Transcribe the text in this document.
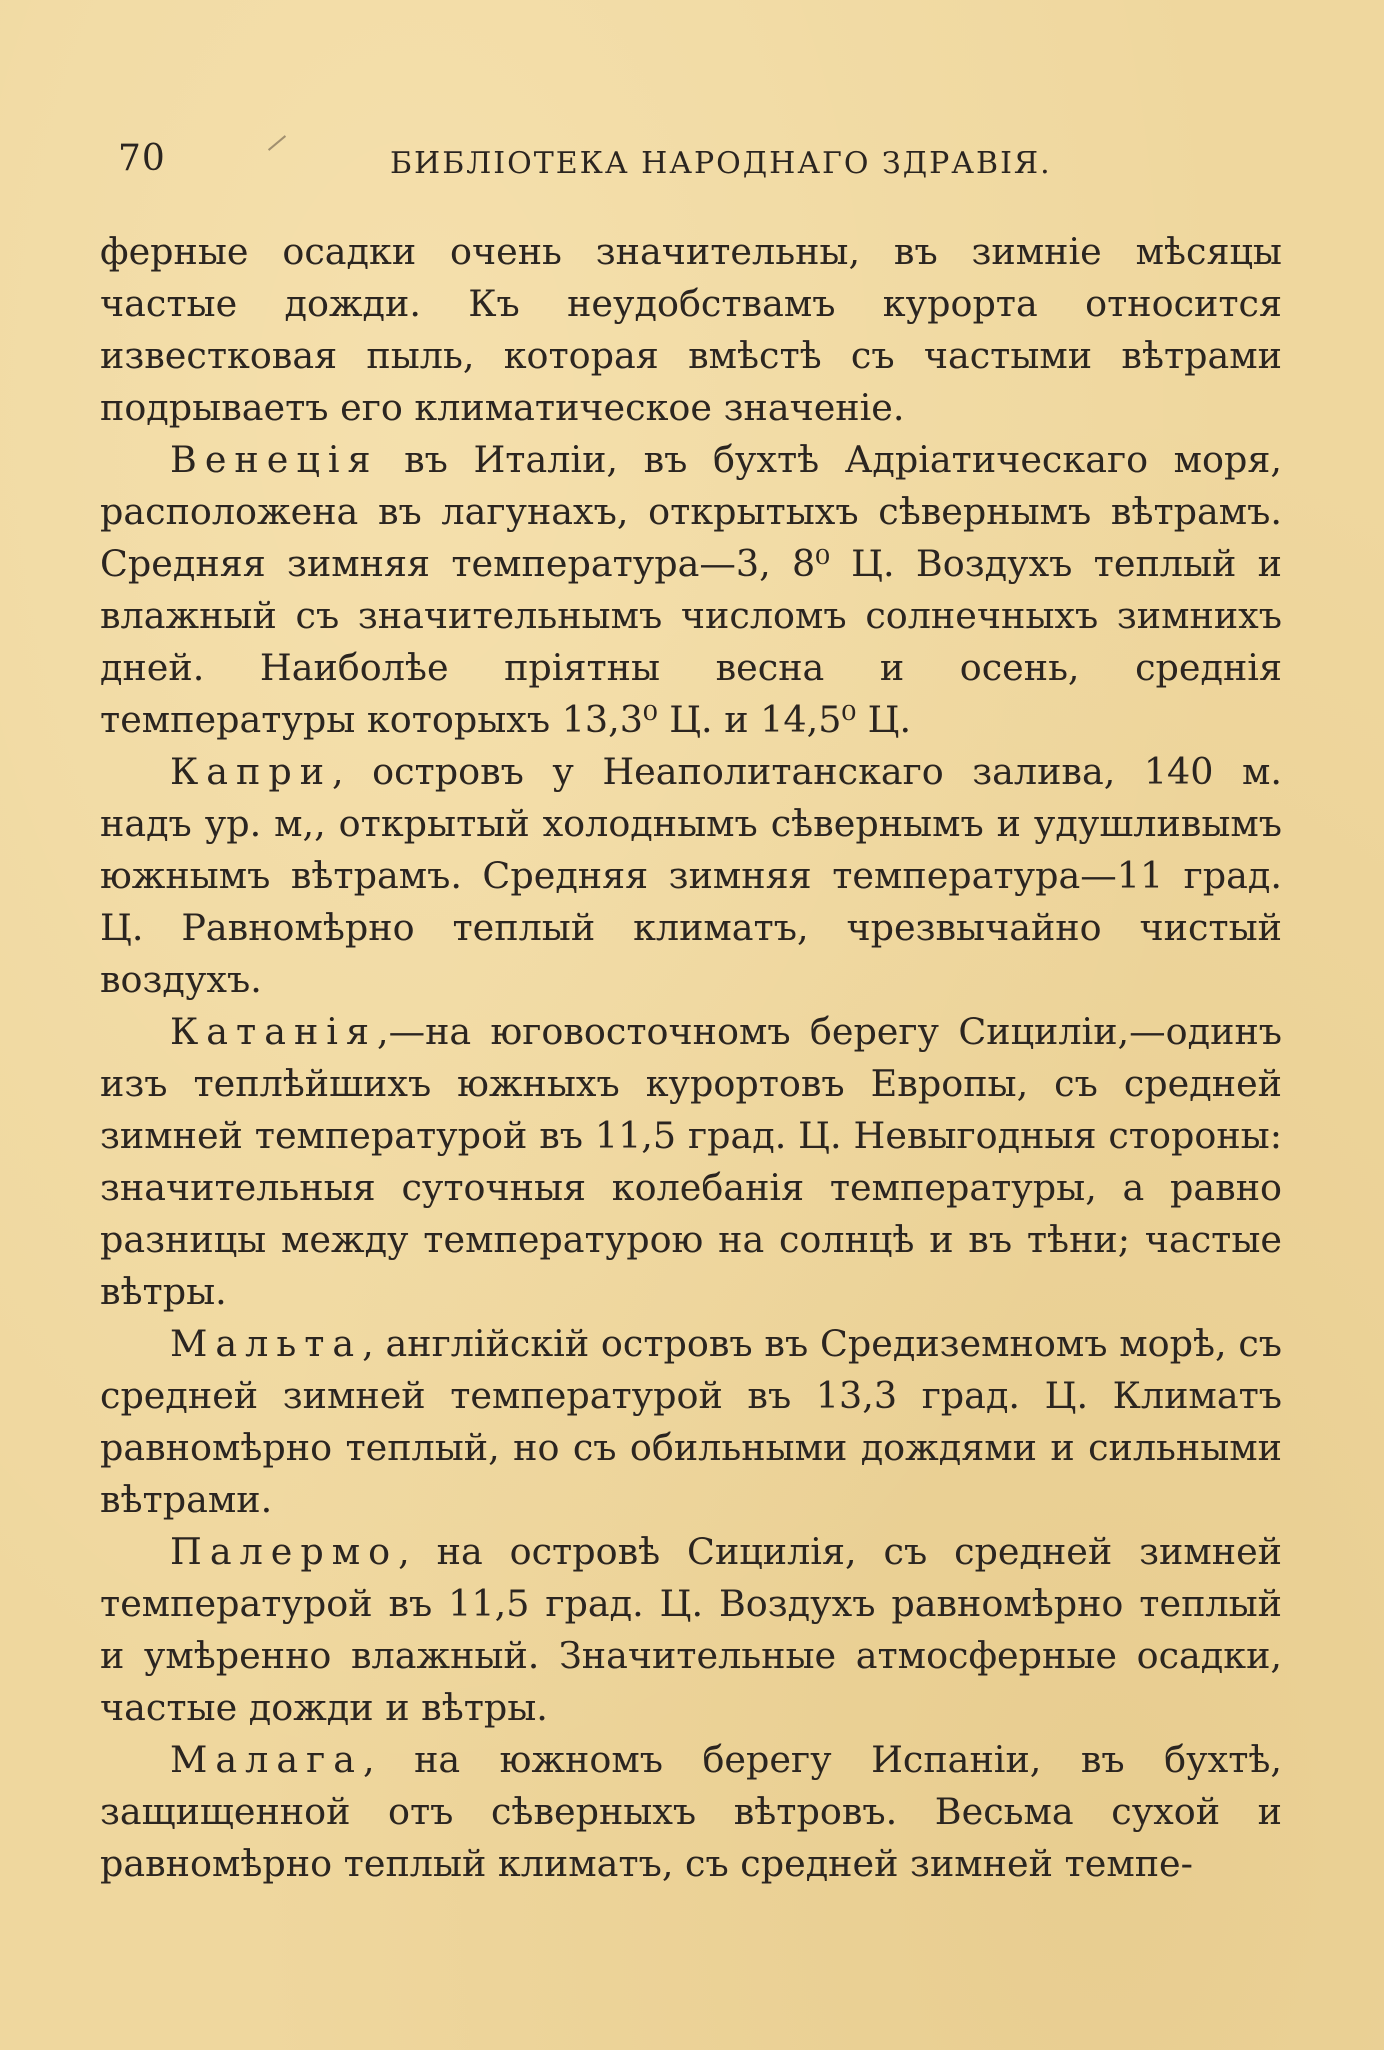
70	БИБЛІОТЕКА НАРОДНАГО ЗДРАВІЯ.

ферные осадки очень значительны, въ зимніе мѣсяцы частые дожди. Къ неудобствамъ курорта относится известковая пыль, которая вмѣстѣ съ частыми вѣтрами подрываетъ его климатическое значеніе.

Венеція въ Италіи, въ бухтѣ Адріатическаго моря, расположена въ лагунахъ, открытыхъ сѣвернымъ вѣтрамъ. Средняя зимняя температура—3, 8⁰ Ц. Воздухъ теплый и влажный съ значительнымъ числомъ солнечныхъ зимнихъ дней. Наиболѣе пріятны весна и осень, среднія температуры которыхъ 13,3⁰ Ц. и 14,5⁰ Ц.

Капри, островъ у Неаполитанскаго залива, 140 м. надъ ур. м,, открытый холоднымъ сѣвернымъ и удушливымъ южнымъ вѣтрамъ. Средняя зимняя температура—11 град. Ц. Равномѣрно теплый климатъ, чрезвычайно чистый воздухъ.

Катанія,—на юговосточномъ берегу Сициліи,—одинъ изъ теплѣйшихъ южныхъ курортовъ Европы, съ средней зимней температурой въ 11,5 град. Ц. Невыгодныя стороны: значительныя суточныя колебанія температуры, а равно разницы между температурою на солнцѣ и въ тѣни; частые вѣтры.

Мальта, англійскій островъ въ Средиземномъ морѣ, съ средней зимней температурой въ 13,3 град. Ц. Климатъ равномѣрно теплый, но съ обильными дождями и сильными вѣтрами.

Палермо, на островѣ Сицилія, съ средней зимней температурой въ 11,5 град. Ц. Воздухъ равномѣрно теплый и умѣренно влажный. Значительные атмосферные осадки, частые дожди и вѣтры.

Малага, на южномъ берегу Испаніи, въ бухтѣ, защищенной отъ сѣверныхъ вѣтровъ. Весьма сухой и равномѣрно теплый климатъ, съ средней зимней темпе-
